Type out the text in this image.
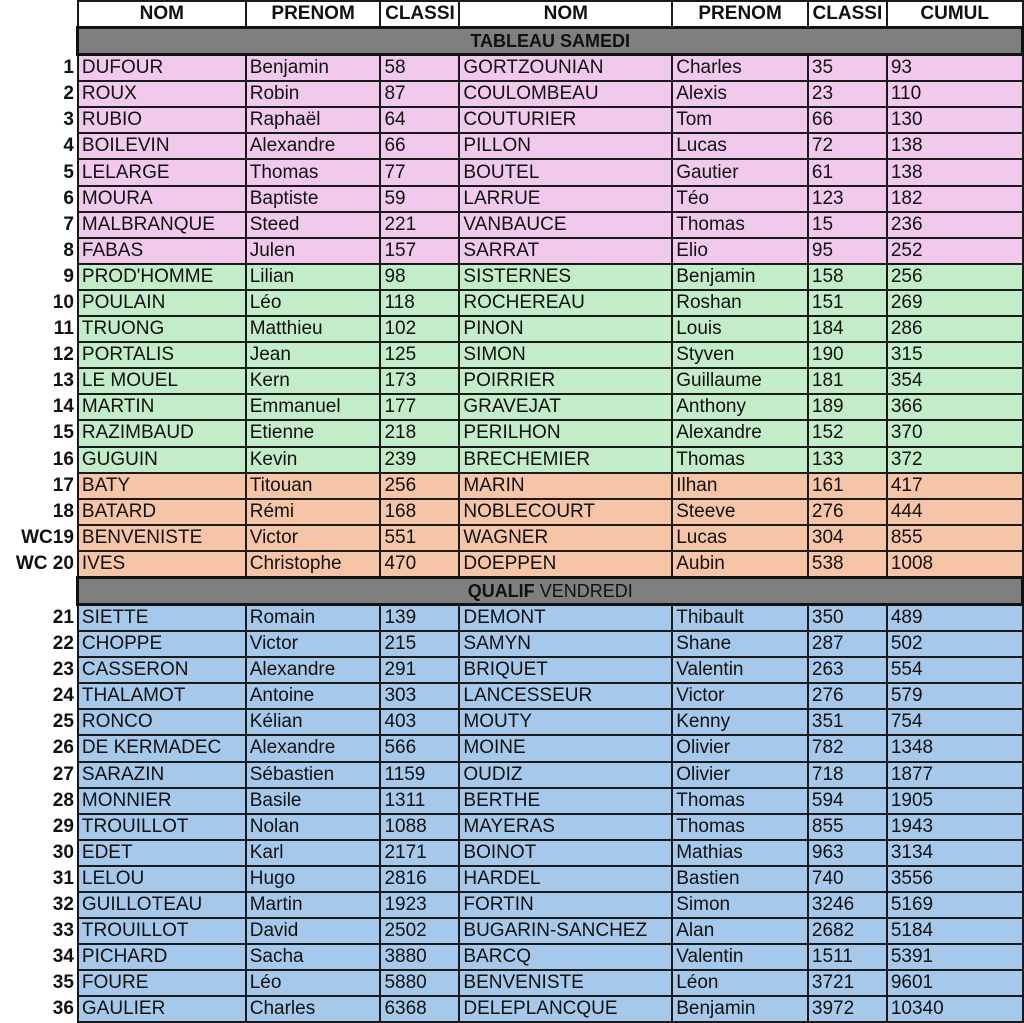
	NOM	PRENOM	CLASSI	NOM	PRENOM	CLASSI	CUMUL
	TABLEAU SAMEDI						
1	DUFOUR	Benjamin	58	GORTZOUNIAN	Charles	35	93
2	ROUX	Robin	87	COULOMBEAU	Alexis	23	110
3	RUBIO	Raphaël	64	COUTURIER	Tom	66	130
4	BOILEVIN	Alexandre	66	PILLON	Lucas	72	138
5	LELARGE	Thomas	77	BOUTEL	Gautier	61	138
6	MOURA	Baptiste	59	LARRUE	Téo	123	182
7	MALBRANQUE	Steed	221	VANBAUCE	Thomas	15	236
8	FABAS	Julen	157	SARRAT	Elio	95	252
9	PROD'HOMME	Lilian	98	SISTERNES	Benjamin	158	256
10	POULAIN	Léo	118	ROCHEREAU	Roshan	151	269
11	TRUONG	Matthieu	102	PINON	Louis	184	286
12	PORTALIS	Jean	125	SIMON	Styven	190	315
13	LE MOUEL	Kern	173	POIRRIER	Guillaume	181	354
14	MARTIN	Emmanuel	177	GRAVEJAT	Anthony	189	366
15	RAZIMBAUD	Etienne	218	PERILHON	Alexandre	152	370
16	GUGUIN	Kevin	239	BRECHEMIER	Thomas	133	372
17	BATY	Titouan	256	MARIN	Ilhan	161	417
18	BATARD	Rémi	168	NOBLECOURT	Steeve	276	444
WC19	BENVENISTE	Victor	551	WAGNER	Lucas	304	855
WC 20	IVES	Christophe	470	DOEPPEN	Aubin	538	1008
	QUALIF VENDREDI						
21	SIETTE	Romain	139	DEMONT	Thibault	350	489
22	CHOPPE	Victor	215	SAMYN	Shane	287	502
23	CASSERON	Alexandre	291	BRIQUET	Valentin	263	554
24	THALAMOT	Antoine	303	LANCESSEUR	Victor	276	579
25	RONCO	Kélian	403	MOUTY	Kenny	351	754
26	DE KERMADEC	Alexandre	566	MOINE	Olivier	782	1348
27	SARAZIN	Sébastien	1159	OUDIZ	Olivier	718	1877
28	MONNIER	Basile	1311	BERTHE	Thomas	594	1905
29	TROUILLOT	Nolan	1088	MAYERAS	Thomas	855	1943
30	EDET	Karl	2171	BOINOT	Mathias	963	3134
31	LELOU	Hugo	2816	HARDEL	Bastien	740	3556
32	GUILLOTEAU	Martin	1923	FORTIN	Simon	3246	5169
33	TROUILLOT	David	2502	BUGARIN-SANCHEZ	Alan	2682	5184
34	PICHARD	Sacha	3880	BARCQ	Valentin	1511	5391
35	FOURE	Léo	5880	BENVENISTE	Léon	3721	9601
36	GAULIER	Charles	6368	DELEPLANCQUE	Benjamin	3972	10340
